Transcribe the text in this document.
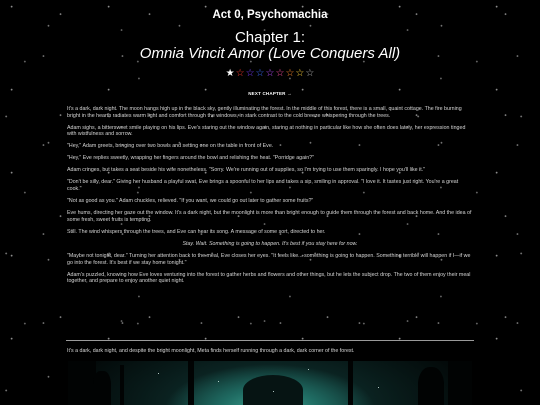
Act 0, Psychomachia
Chapter 1:
Omnia Vincit Amor (Love Conquers All)
★☆☆☆☆☆☆☆☆
NEXT CHAPTER →

It's a dark, dark night. The moon hangs high up in the black sky, gently illuminating the forest. In the middle of this forest, there is a small, quaint cottage. The fire burning bright in the hearth radiates warm light and comfort through the windows, in stark contrast to the cold breeze whispering through the trees.

Adam sighs, a bittersweet smile playing on his lips. Eve's staring out the window again, staring at nothing in particular like how she often does lately, her expression tinged with wistfulness and sorrow.

"Hey," Adam greets, bringing over two bowls and setting one on the table in front of Eve.

"Hey," Eve replies sweetly, wrapping her fingers around the bowl and relishing the heat. "Porridge again?"

Adam cringes, but takes a seat beside his wife nonetheless. "Sorry. We're running out of supplies, so I'm trying to use them sparingly. I hope you'll like it."

"Don't be silly, dear." Giving her husband a playful swat, Eve brings a spoonful to her lips and takes a sip, smiling in approval. "I love it. It tastes just right. You're a great cook."

"Not as good as you." Adam chuckles, relieved. "If you want, we could go out later to gather some fruits?"

Eve hums, directing her gaze out the window. It's a dark night, but the moonlight is more than bright enough to guide them through the forest and back home. And the idea of some fresh, sweet fruits is tempting.

Still. The wind whispers through the trees, and Eve can hear its song. A message of some sort, directed to her.

Stay. Wait. Something is going to happen. It's best if you stay here for now.

"Maybe not tonight, dear." Turning her attention back to the meal, Eve closes her eyes. "It feels like... something is going to happen. Something terrible will happen if I—if we go into the forest. It's best if we stay home tonight."

Adam's puzzled, knowing how Eve loves venturing into the forest to gather herbs and flowers and other things, but he lets the subject drop. The two of them enjoy their meal together, and prepare to enjoy another quiet night.

It's a dark, dark night, and despite the bright moonlight, Meta finds herself running through a dark, dark corner of the forest.
